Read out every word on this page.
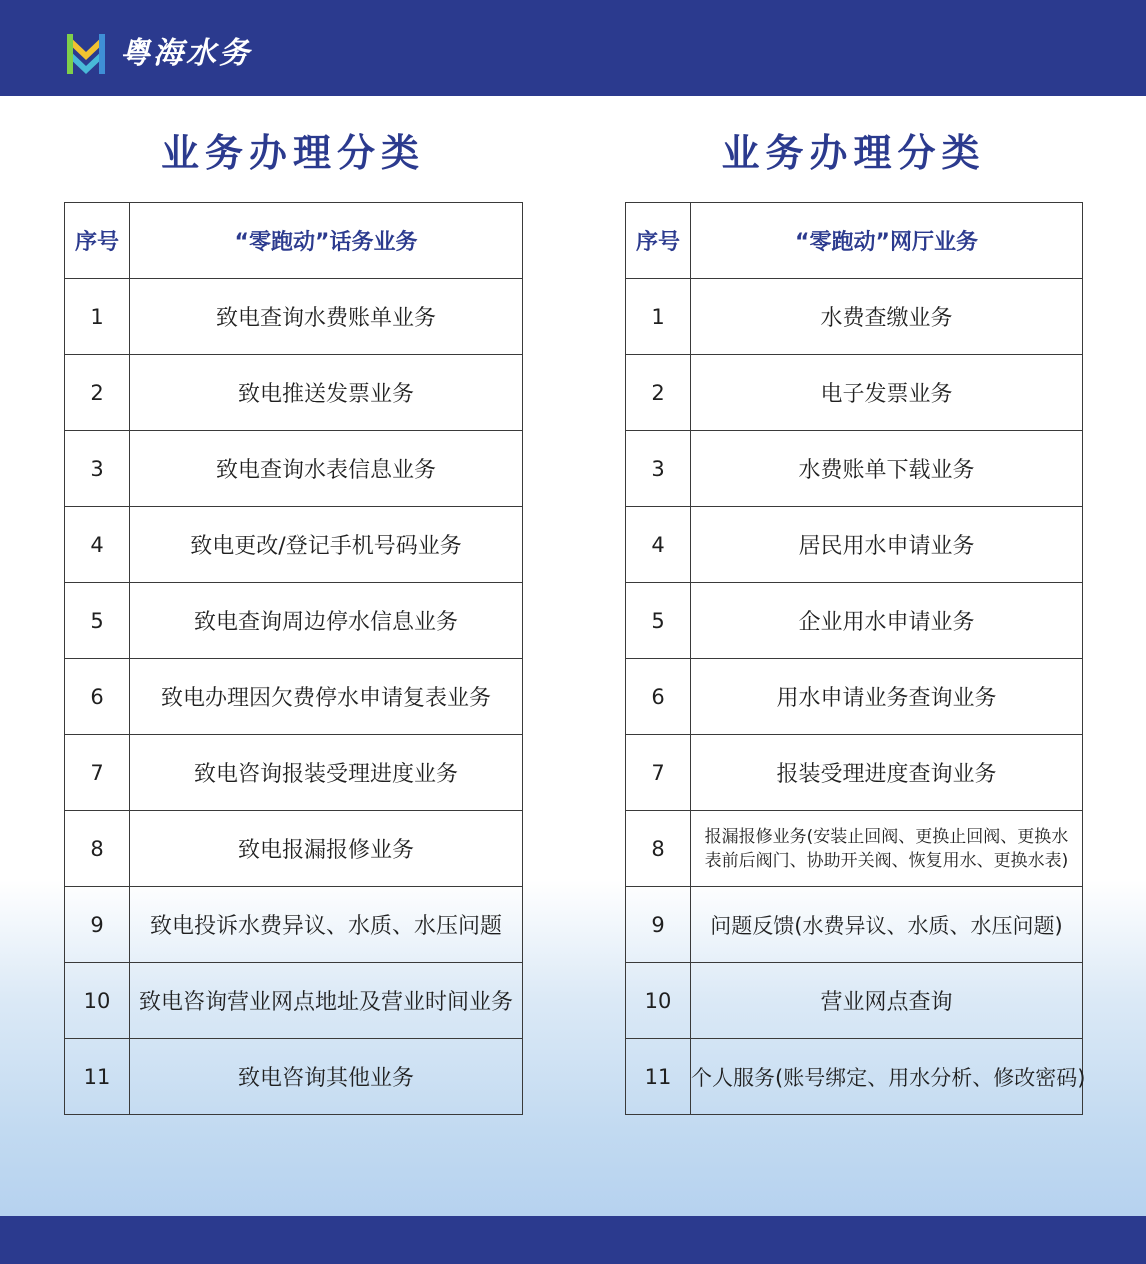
粤海水务
业务办理分类
序号	“零跑动”话务业务
1	致电查询水费账单业务
2	致电推送发票业务
3	致电查询水表信息业务
4	致电更改/登记手机号码业务
5	致电查询周边停水信息业务
6	致电办理因欠费停水申请复表业务
7	致电咨询报装受理进度业务
8	致电报漏报修业务
9	致电投诉水费异议、水质、水压问题
10	致电咨询营业网点地址及营业时间业务
11	致电咨询其他业务
业务办理分类
序号	“零跑动”网厅业务
1	水费查缴业务
2	电子发票业务
3	水费账单下载业务
4	居民用水申请业务
5	企业用水申请业务
6	用水申请业务查询业务
7	报装受理进度查询业务
8	报漏报修业务(安装止回阀、更换止回阀、更换水表前后阀门、协助开关阀、恢复用水、更换水表)
9	问题反馈(水费异议、水质、水压问题)
10	营业网点查询
11	个人服务(账号绑定、用水分析、修改密码)
